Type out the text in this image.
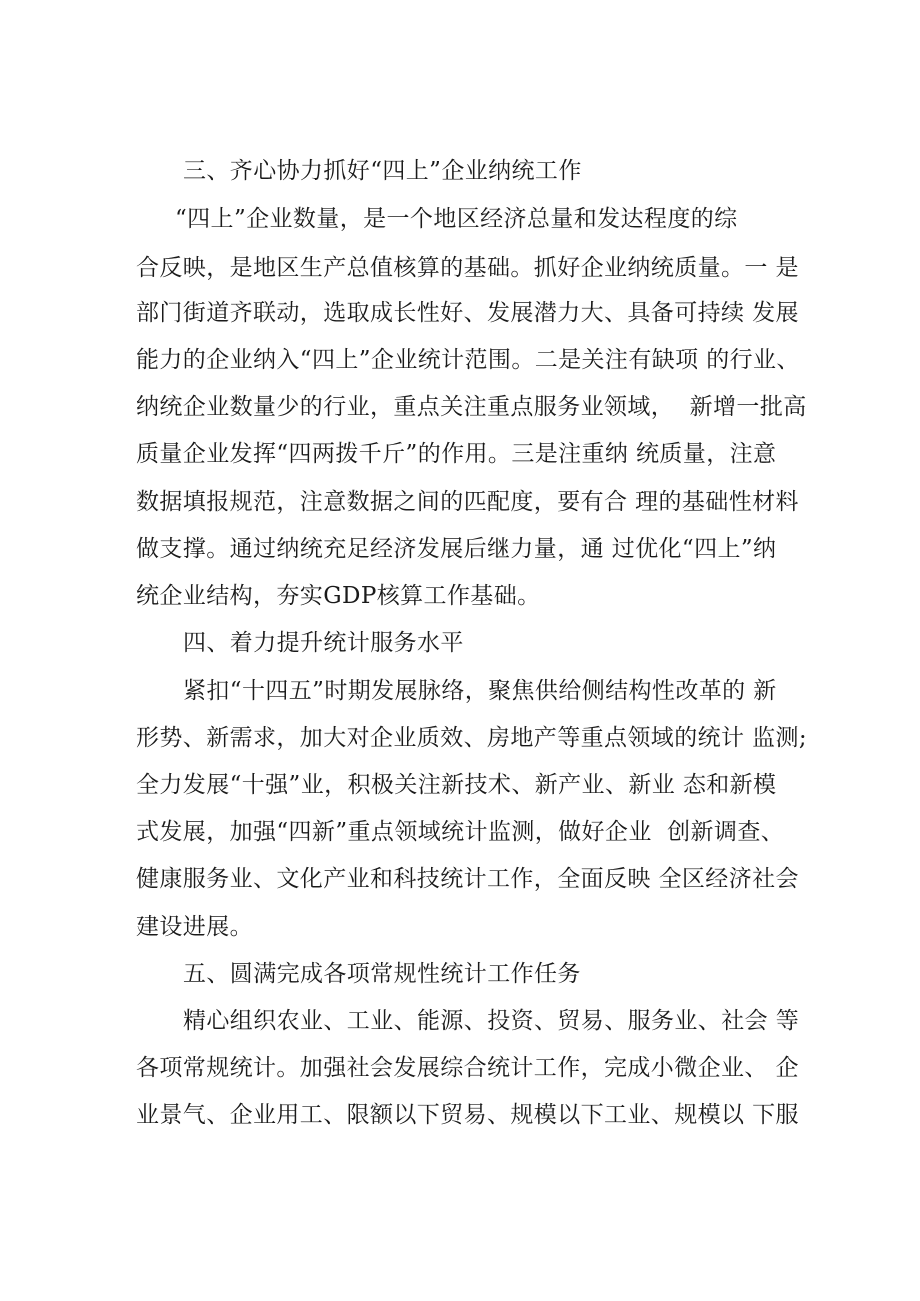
三、齐心协力抓好“四上”企业纳统工作
“四上”企业数量，是一个地区经济总量和发达程度的综
合反映，是地区生产总值核算的基础。抓好企业纳统质量。一 是
部门街道齐联动，选取成长性好、发展潜力大、具备可持续 发展
能力的企业纳入“四上”企业统计范围。二是关注有缺项 的行业、
纳统企业数量少的行业，重点关注重点服务业领域，  新增一批高
质量企业发挥“四两拨千斤”的作用。三是注重纳 统质量，注意
数据填报规范，注意数据之间的匹配度，要有合 理的基础性材料
做支撑。通过纳统充足经济发展后继力量，通 过优化“四上”纳
统企业结构，夯实GDP核算工作基础。
四、着力提升统计服务水平
紧扣“十四五”时期发展脉络，聚焦供给侧结构性改革的 新
形势、新需求，加大对企业质效、房地产等重点领域的统计 监测;
全力发展“十强”业，积极关注新技术、新产业、新业 态和新模
式发展，加强“四新”重点领域统计监测，做好企业  创新调查、
健康服务业、文化产业和科技统计工作，全面反映 全区经济社会
建设进展。
五、圆满完成各项常规性统计工作任务
精心组织农业、工业、能源、投资、贸易、服务业、社会 等
各项常规统计。加强社会发展综合统计工作，完成小微企业、 企
业景气、企业用工、限额以下贸易、规模以下工业、规模以 下服
